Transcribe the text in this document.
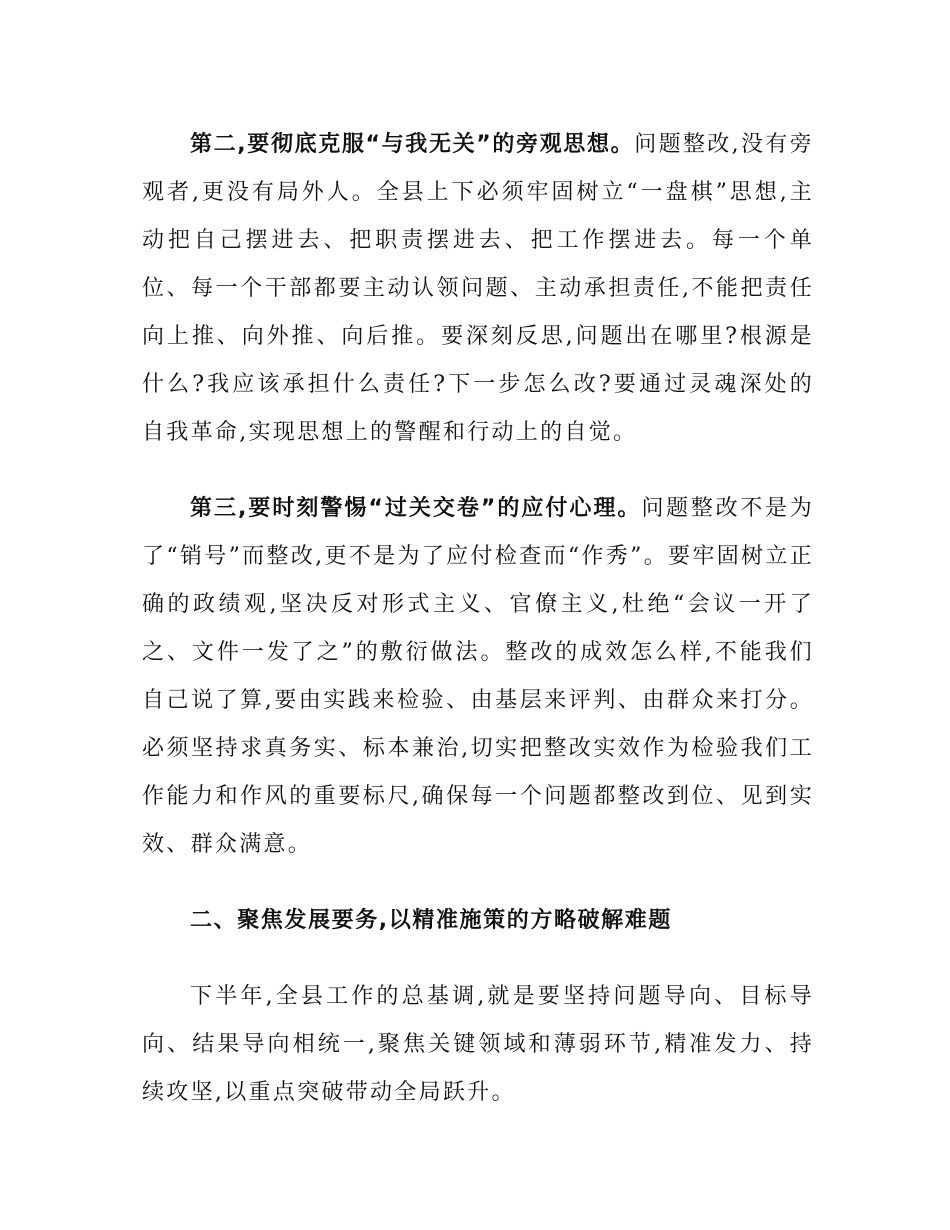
第二,要彻底克服“与我无关”的旁观思想。问题整改,没有旁观者,更没有局外人。全县上下必须牢固树立“一盘棋”思想,主动把自己摆进去、把职责摆进去、把工作摆进去。每一个单位、每一个干部都要主动认领问题、主动承担责任,不能把责任向上推、向外推、向后推。要深刻反思,问题出在哪里?根源是什么?我应该承担什么责任?下一步怎么改?要通过灵魂深处的自我革命,实现思想上的警醒和行动上的自觉。

第三,要时刻警惕“过关交卷”的应付心理。问题整改不是为了“销号”而整改,更不是为了应付检查而“作秀”。要牢固树立正确的政绩观,坚决反对形式主义、官僚主义,杜绝“会议一开了之、文件一发了之”的敷衍做法。整改的成效怎么样,不能我们自己说了算,要由实践来检验、由基层来评判、由群众来打分。必须坚持求真务实、标本兼治,切实把整改实效作为检验我们工作能力和作风的重要标尺,确保每一个问题都整改到位、见到实效、群众满意。

二、聚焦发展要务,以精准施策的方略破解难题

下半年,全县工作的总基调,就是要坚持问题导向、目标导向、结果导向相统一,聚焦关键领域和薄弱环节,精准发力、持续攻坚,以重点突破带动全局跃升。
